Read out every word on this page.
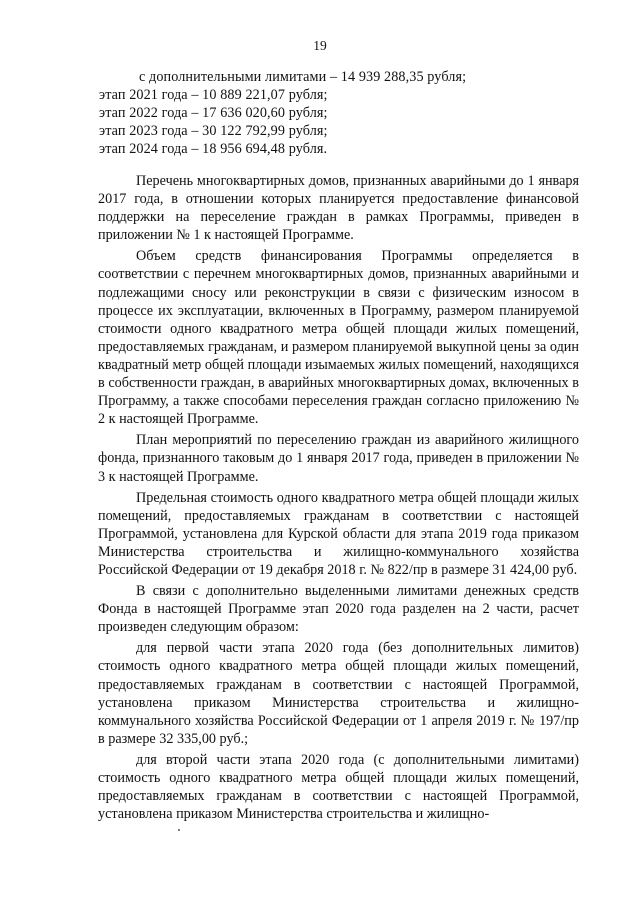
19
с дополнительными лимитами – 14 939 288,35 рубля;
этап 2021 года – 10 889 221,07 рубля;
этап 2022 года – 17 636 020,60 рубля;
этап 2023 года – 30 122 792,99 рубля;
этап 2024 года – 18 956 694,48 рубля.

Перечень многоквартирных домов, признанных аварийными до 1 января 2017 года, в отношении которых планируется предоставление финансовой поддержки на переселение граждан в рамках Программы, приведен в приложении № 1 к настоящей Программе.

Объем средств финансирования Программы определяется в соответствии с перечнем многоквартирных домов, признанных аварийными и подлежащими сносу или реконструкции в связи с физическим износом в процессе их эксплуатации, включенных в Программу, размером планируемой стоимости одного квадратного метра общей площади жилых помещений, предоставляемых гражданам, и размером планируемой выкупной цены за один квадратный метр общей площади изымаемых жилых помещений, находящихся в собственности граждан, в аварийных многоквартирных домах, включенных в Программу, а также способами переселения граждан согласно приложению № 2 к настоящей Программе.

План мероприятий по переселению граждан из аварийного жилищного фонда, признанного таковым до 1 января 2017 года, приведен в приложении № 3 к настоящей Программе.

Предельная стоимость одного квадратного метра общей площади жилых помещений, предоставляемых гражданам в соответствии с настоящей Программой, установлена для Курской области для этапа 2019 года приказом Министерства строительства и жилищно-коммунального хозяйства Российской Федерации от 19 декабря 2018 г. № 822/пр в размере 31 424,00 руб.

В связи с дополнительно выделенными лимитами денежных средств Фонда в настоящей Программе этап 2020 года разделен на 2 части, расчет произведен следующим образом:

для первой части этапа 2020 года (без дополнительных лимитов) стоимость одного квадратного метра общей площади жилых помещений, предоставляемых гражданам в соответствии с настоящей Программой, установлена приказом Министерства строительства и жилищно-коммунального хозяйства Российской Федерации от 1 апреля 2019 г. № 197/пр в размере 32 335,00 руб.;

для второй части этапа 2020 года (с дополнительными лимитами) стоимость одного квадратного метра общей площади жилых помещений, предоставляемых гражданам в соответствии с настоящей Программой, установлена приказом Министерства строительства и жилищно-
